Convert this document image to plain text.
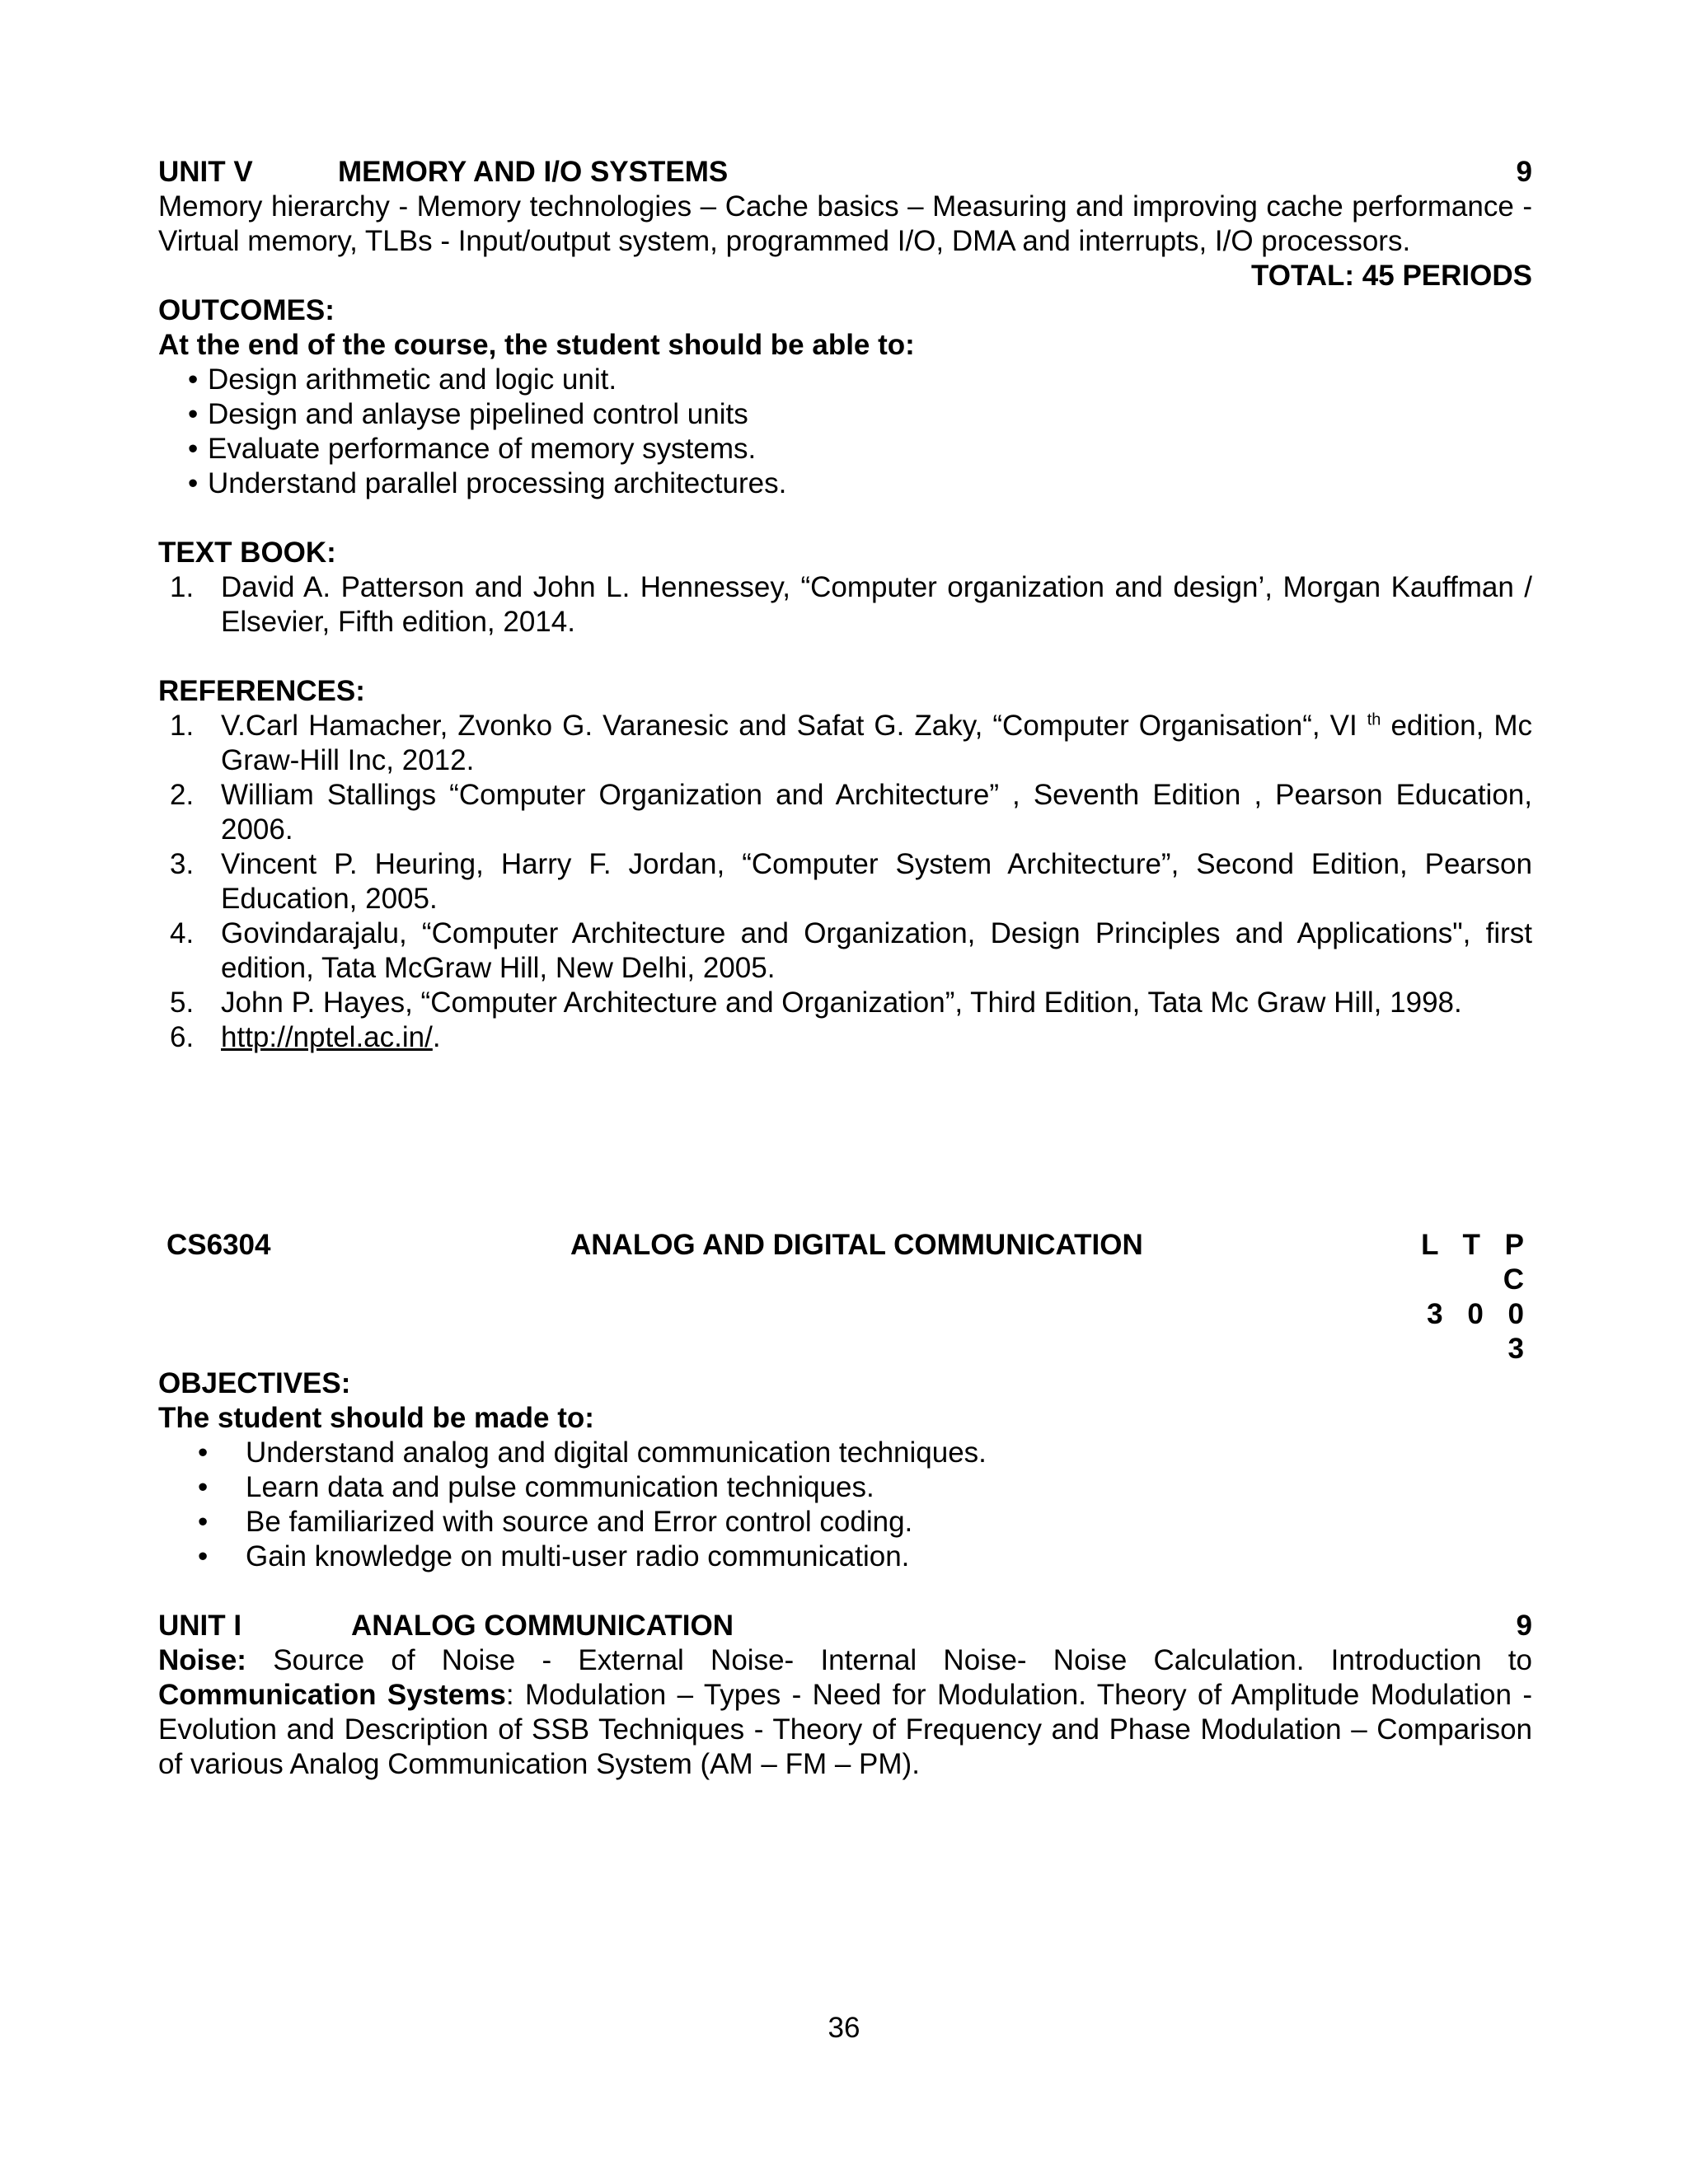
UNIT V	MEMORY AND I/O SYSTEMS	9
Memory hierarchy - Memory technologies – Cache basics – Measuring and improving cache performance - Virtual memory, TLBs - Input/output system, programmed I/O, DMA and interrupts, I/O processors.
TOTAL: 45 PERIODS
OUTCOMES:
At the end of the course, the student should be able to:
• Design arithmetic and logic unit.
• Design and anlayse pipelined control units
• Evaluate performance of memory systems.
• Understand parallel processing architectures.
TEXT BOOK:
1. David A. Patterson and John L. Hennessey, “Computer organization and design’, Morgan Kauffman / Elsevier, Fifth edition, 2014.
REFERENCES:
1. V.Carl Hamacher, Zvonko G. Varanesic and Safat G. Zaky, “Computer Organisation“, VI $^{th}$ edition, Mc Graw-Hill Inc, 2012.
2. William Stallings “Computer Organization and Architecture” , Seventh Edition , Pearson Education, 2006.
3. Vincent P. Heuring, Harry F. Jordan, “Computer System Architecture”, Second Edition, Pearson Education, 2005.
4. Govindarajalu, “Computer Architecture and Organization, Design Principles and Applications", first edition, Tata McGraw Hill, New Delhi, 2005.
5. John P. Hayes, “Computer Architecture and Organization”, Third Edition, Tata Mc Graw Hill, 1998.
6. http://nptel.ac.in/.
CS6304	ANALOG AND DIGITAL COMMUNICATION	L T P C
3 0 0 3
OBJECTIVES:
The student should be made to:
• Understand analog and digital communication techniques.
• Learn data and pulse communication techniques.
• Be familiarized with source and Error control coding.
• Gain knowledge on multi-user radio communication.
UNIT I	ANALOG COMMUNICATION	9
Noise: Source of Noise - External Noise- Internal Noise- Noise Calculation. Introduction to Communication Systems: Modulation – Types - Need for Modulation. Theory of Amplitude Modulation - Evolution and Description of SSB Techniques - Theory of Frequency and Phase Modulation – Comparison of various Analog Communication System (AM – FM – PM).
36
